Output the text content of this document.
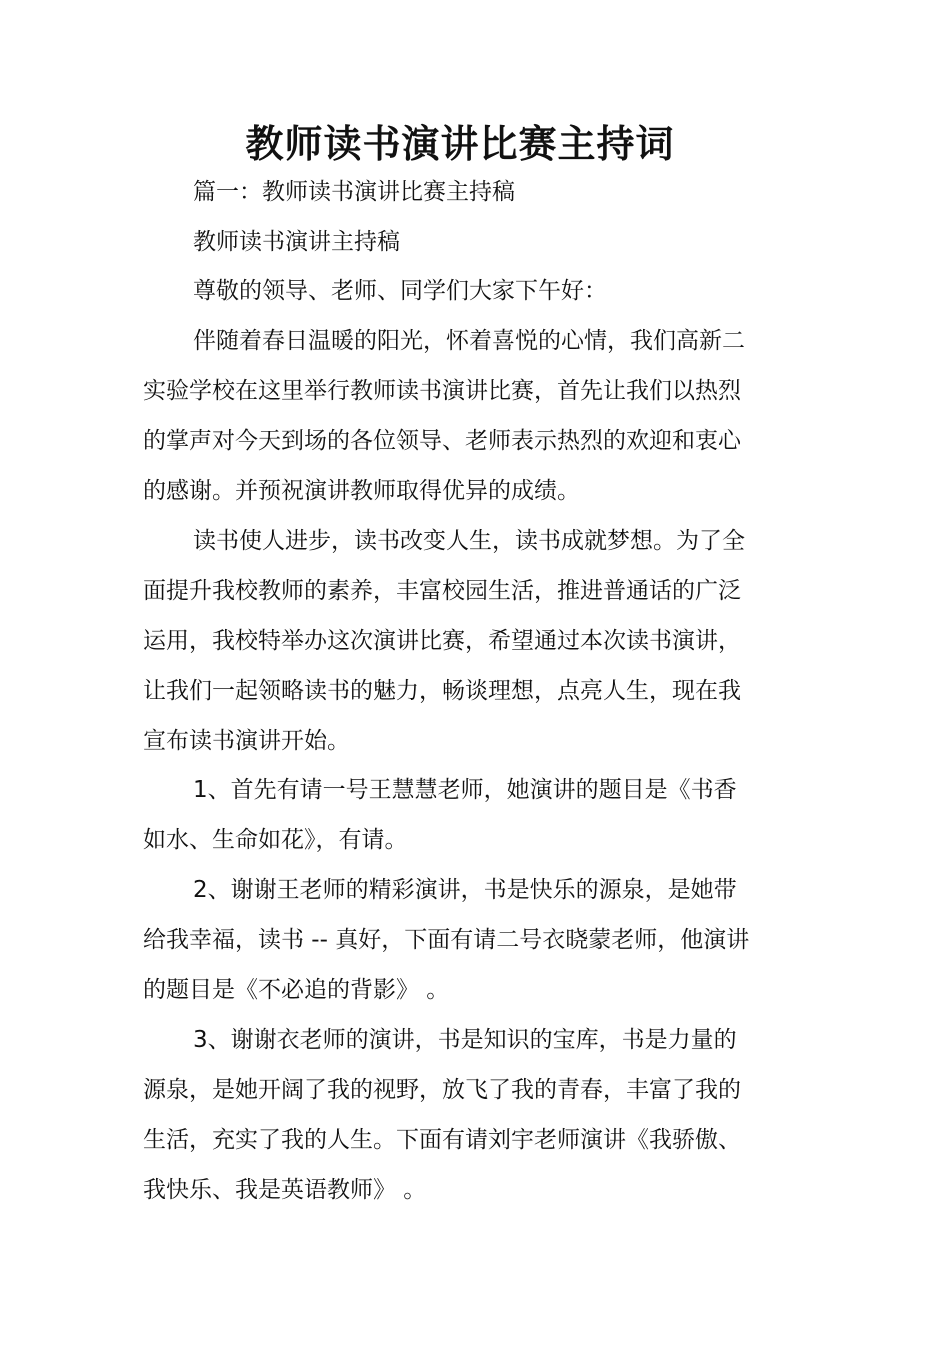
教师读书演讲比赛主持词

篇一：教师读书演讲比赛主持稿

教师读书演讲主持稿

尊敬的领导、老师、同学们大家下午好：

伴随着春日温暖的阳光，怀着喜悦的心情，我们高新二

实验学校在这里举行教师读书演讲比赛，首先让我们以热烈

的掌声对今天到场的各位领导、老师表示热烈的欢迎和衷心

的感谢。并预祝演讲教师取得优异的成绩。

读书使人进步，读书改变人生，读书成就梦想。为了全

面提升我校教师的素养，丰富校园生活，推进普通话的广泛

运用，我校特举办这次演讲比赛，希望通过本次读书演讲，

让我们一起领略读书的魅力，畅谈理想，点亮人生，现在我

宣布读书演讲开始。

1、首先有请一号王慧慧老师，她演讲的题目是《书香

如水、生命如花》，有请。

2、谢谢王老师的精彩演讲，书是快乐的源泉，是她带

给我幸福，读书 -- 真好，下面有请二号衣晓蒙老师，他演讲

的题目是《不必追的背影》 。

3、谢谢衣老师的演讲，书是知识的宝库，书是力量的

源泉，是她开阔了我的视野，放飞了我的青春，丰富了我的

生活，充实了我的人生。下面有请刘宇老师演讲《我骄傲、

我快乐、我是英语教师》 。
